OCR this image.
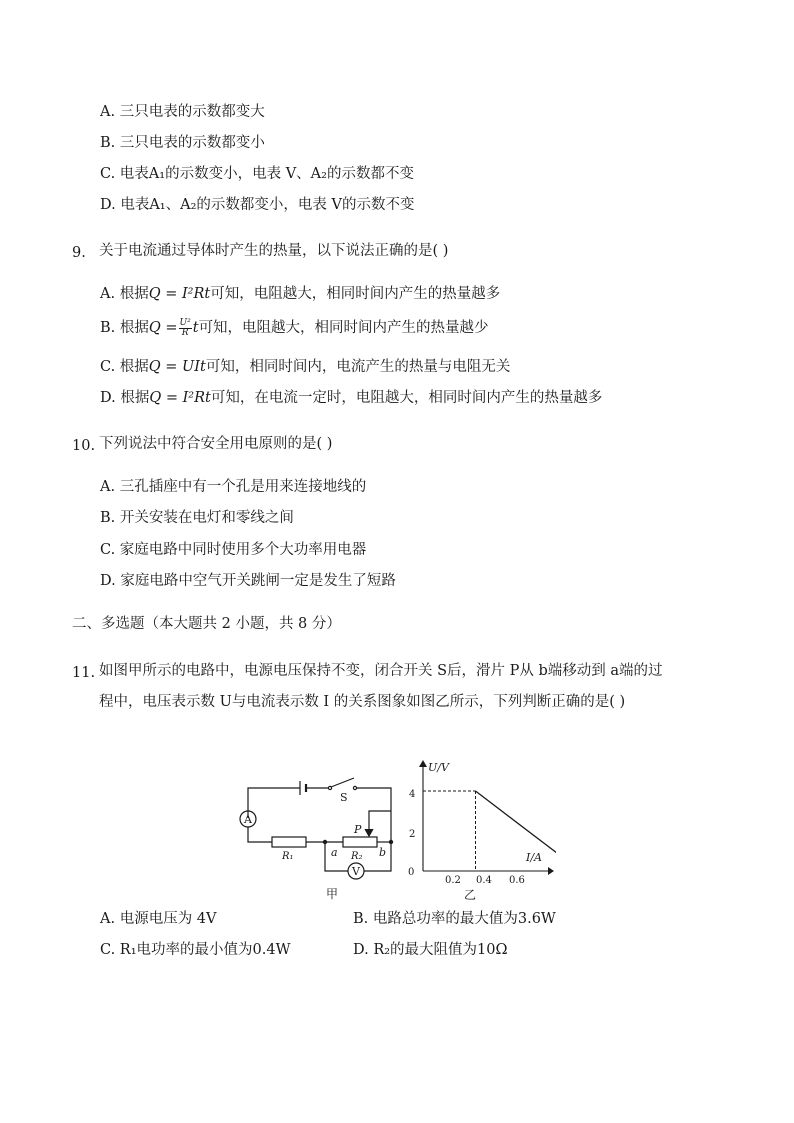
A. 三只电表的示数都变大
B. 三只电表的示数都变小
C. 电表A₁的示数变小，电表 V、A₂的示数都不变
D. 电表A₁、A₂的示数都变小，电表 V的示数不变
9. 关于电流通过导体时产生的热量，以下说法正确的是( )
A. 根据Q = I²Rt可知，电阻越大，相同时间内产生的热量越多
B. 根据$Q = \frac{\text{U²}}{R}$ t可知，电阻越大，相同时间内产生的热量越少
C. 根据Q = UIt可知，相同时间内，电流产生的热量与电阻无关
D. 根据Q = I²Rt可知，在电流一定时，电阻越大，相同时间内产生的热量越多
10. 下列说法中符合安全用电原则的是( )
A. 三孔插座中有一个孔是用来连接地线的
B. 开关安装在电灯和零线之间
C. 家庭电路中同时使用多个大功率用电器
D. 家庭电路中空气开关跳闸一定是发生了短路
二、多选题（本大题共 2 小题，共 8 分）
11. 如图甲所示的电路中，电源电压保持不变，闭合开关 S后，滑片 P从 b端移动到 a端的过
程中，电压表示数 U与电流表示数 I 的关系图象如图乙所示，下列判断正确的是( )
A
V
S
P
R₁	R₂
a	b
甲
U/V
I/A
0
4
2
0.2 0.4 0.6
乙
A. 电源电压为 4V	B. 电路总功率的最大值为3.6W
C. R₁电功率的最小值为0.4W	D. R₂的最大阻值为10Ω
